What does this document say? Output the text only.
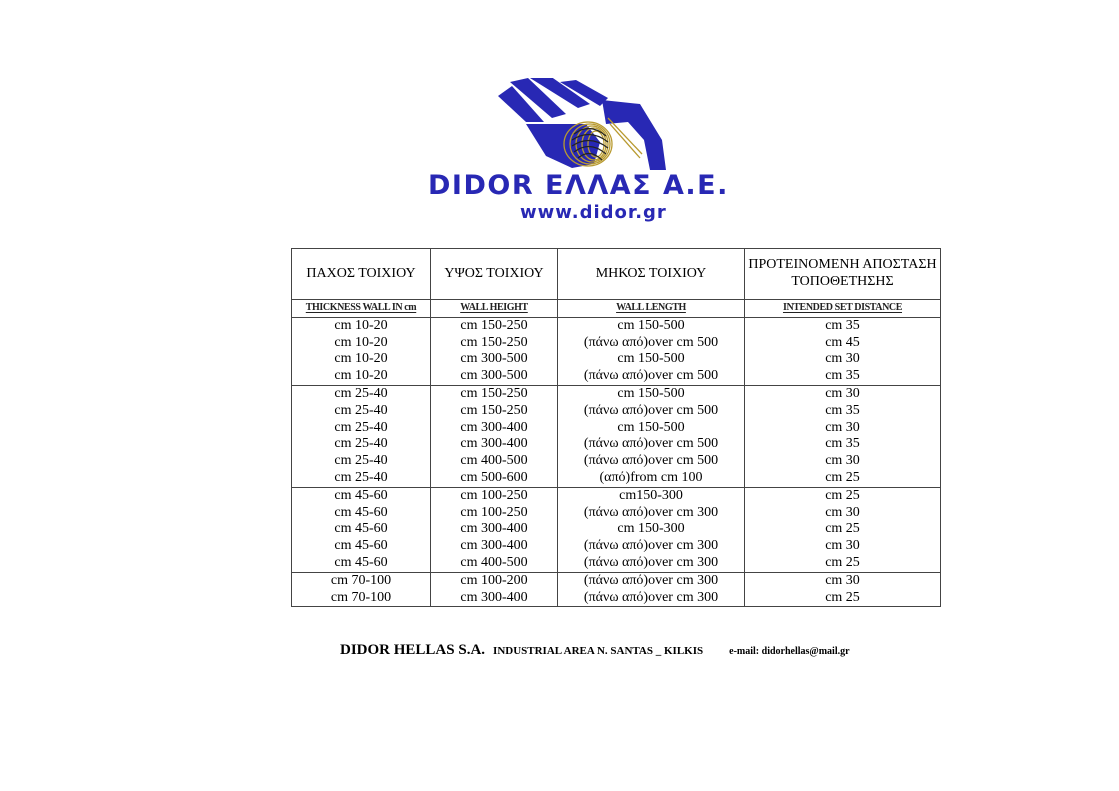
DIDOR ΕΛΛΑΣ Α.Ε.
www.didor.gr
ΠΑΧΟΣ ΤΟΙΧΙΟΥ	ΥΨΟΣ ΤΟΙΧΙΟΥ	ΜΗΚΟΣ ΤΟΙΧΙΟΥ	ΠΡΟΤΕΙΝΟΜΕΝΗ ΑΠΟΣΤΑΣΗ ΤΟΠΟΘΕΤΗΣΗΣ
THICKNESS WALL IN cm	WALL HEIGHT	WALL LENGTH	INTENDED SET DISTANCE
cm 10-20	cm 150-250	cm 150-500	cm 35
cm 10-20	cm 150-250	(πάνω από)over cm 500	cm 45
cm 10-20	cm 300-500	cm 150-500	cm 30
cm 10-20	cm 300-500	(πάνω από)over cm 500	cm 35
cm 25-40	cm 150-250	cm 150-500	cm 30
cm 25-40	cm 150-250	(πάνω από)over cm 500	cm 35
cm 25-40	cm 300-400	cm 150-500	cm 30
cm 25-40	cm 300-400	(πάνω από)over cm 500	cm 35
cm 25-40	cm 400-500	(πάνω από)over cm 500	cm 30
cm 25-40	cm 500-600	(από)from cm 100	cm 25
cm 45-60	cm 100-250	cm150-300	cm 25
cm 45-60	cm 100-250	(πάνω από)over cm 300	cm 30
cm 45-60	cm 300-400	cm 150-300	cm 25
cm 45-60	cm 300-400	(πάνω από)over cm 300	cm 30
cm 45-60	cm 400-500	(πάνω από)over cm 300	cm 25
cm 70-100	cm 100-200	(πάνω από)over cm 300	cm 30
cm 70-100	cm 300-400	(πάνω από)over cm 300	cm 25
DIDOR HELLAS S.A. INDUSTRIAL AREA N. SANTAS _ KILKIS	e-mail: didorhellas@mail.gr
